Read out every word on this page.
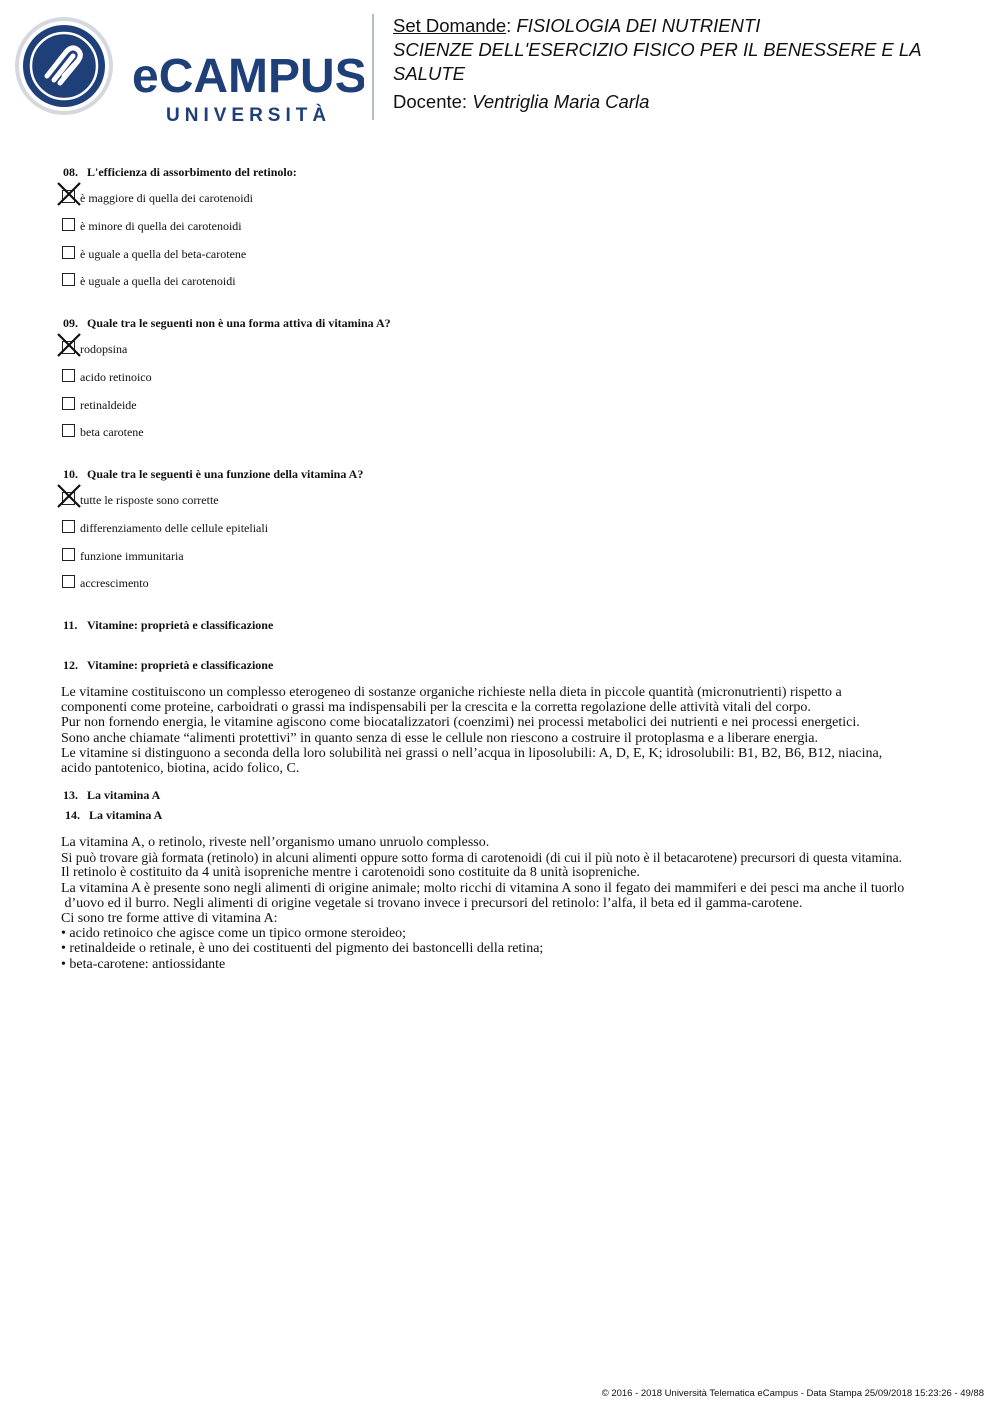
eCAMPUS
UNIVERSITÀ
Set Domande: FISIOLOGIA DEI NUTRIENTI
SCIENZE DELL'ESERCIZIO FISICO PER IL BENESSERE E LA
SALUTE
Docente: Ventriglia Maria Carla
08. L'efficienza di assorbimento del retinolo:
è maggiore di quella dei carotenoidi
è minore di quella dei carotenoidi
è uguale a quella del beta-carotene
è uguale a quella dei carotenoidi
09. Quale tra le seguenti non è una forma attiva di vitamina A?
rodopsina
acido retinoico
retinaldeide
beta carotene
10. Quale tra le seguenti è una funzione della vitamina A?
tutte le risposte sono corrette
differenziamento delle cellule epiteliali
funzione immunitaria
accrescimento
11. Vitamine: proprietà e classificazione
12. Vitamine: proprietà e classificazione

Le vitamine costituiscono un complesso eterogeneo di sostanze organiche richieste nella dieta in piccole quantità (micronutrienti) rispetto a

componenti come proteine, carboidrati o grassi ma indispensabili per la crescita e la corretta regolazione delle attività vitali del corpo.

Pur non fornendo energia, le vitamine agiscono come biocatalizzatori (coenzimi) nei processi metabolici dei nutrienti e nei processi energetici.

Sono anche chiamate “alimenti protettivi” in quanto senza di esse le cellule non riescono a costruire il protoplasma e a liberare energia.

Le vitamine si distinguono a seconda della loro solubilità nei grassi o nell’acqua in liposolubili: A, D, E, K; idrosolubili: B1, B2, B6, B12, niacina,

acido pantotenico, biotina, acido folico, C.

13. La vitamina A
14. La vitamina A

La vitamina A, o retinolo, riveste nell’organismo umano unruolo complesso.

Si può trovare già formata (retinolo) in alcuni alimenti oppure sotto forma di carotenoidi (di cui il più noto è il betacarotene) precursori di questa vitamina.

Il retinolo è costituito da 4 unità isopreniche mentre i carotenoidi sono costituite da 8 unità isopreniche.

La vitamina A è presente sono negli alimenti di origine animale; molto ricchi di vitamina A sono il fegato dei mammiferi e dei pesci ma anche il tuorlo

d’uovo ed il burro. Negli alimenti di origine vegetale si trovano invece i precursori del retinolo: l’alfa, il beta ed il gamma-carotene.

Ci sono tre forme attive di vitamina A:

• acido retinoico che agisce come un tipico ormone steroideo;

• retinaldeide o retinale, è uno dei costituenti del pigmento dei bastoncelli della retina;

• beta-carotene: antiossidante

© 2016 - 2018 Università Telematica eCampus - Data Stampa 25/09/2018 15:23:26 - 49/88
